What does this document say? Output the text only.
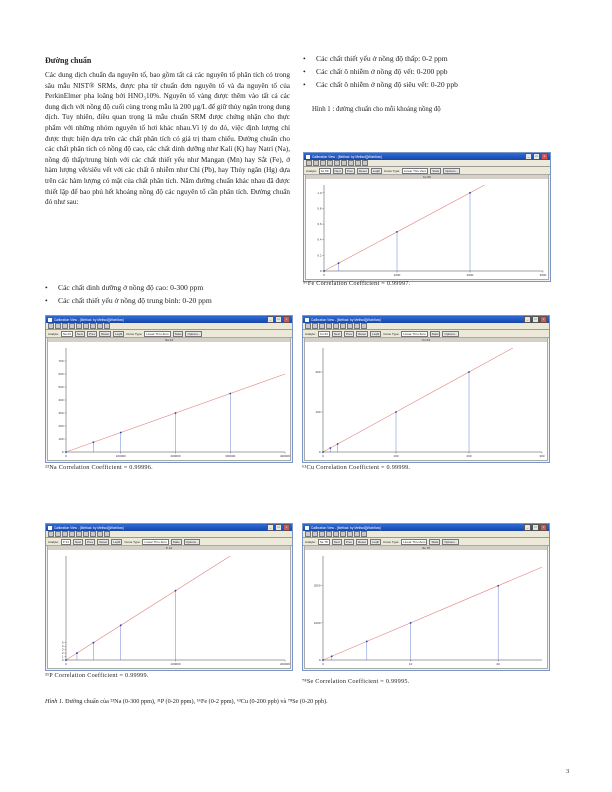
Đường chuẩn
Các dung dịch chuẩn đa nguyên tố, bao gồm tất cả các nguyên tố phân tích có trong sâu mẫu NIST® SRMs, được pha từ chuẩn đơn nguyên tố và đa nguyên tố của PerkinElmer pha loãng bởi HNO₃10%. Nguyên tố vàng được thêm vào tất cả các dung dịch với nồng độ cuối cùng trong mẫu là 200 µg/L để giữ thủy ngân trong dung dịch. Tuy nhiên, điều quan trọng là mẫu chuẩn SRM được chứng nhận cho thực phẩm với những nhóm nguyên tố hơi khác nhau.Vì lý do đó, việc định lượng chỉ được thực hiện dựa trên các chất phân tích có giá trị tham chiếu. Đường chuẩn cho các chất phân tích có nồng độ cao, các chất dinh dưỡng như Kali (K) hay Natri (Na), nồng độ thấp/trung bình với các chất thiết yếu như Mangan (Mn) hay Sắt (Fe), ở hàm lượng vết/siêu vết với các chất ô nhiễm như Chì (Pb), hay Thủy ngân (Hg) dựa trên các hàm lượng có mặt của chất phân tích. Năm đường chuẩn khác nhau đã được thiết lập để bao phủ hết khoảng nồng độ các nguyên tố cần phân tích. Đường chuẩn đó như sau:
• Các chất dinh dưỡng ở nồng độ cao: 0-300 ppm
• Các chất thiết yếu ở nồng độ trung bình: 0-20 ppm
• Các chất thiết yếu ở nồng độ thấp: 0-2 ppm
• Các chất ô nhiễm ở nồng độ vết: 0-200 ppb
• Các chất ô nhiễm ở nồng độ siêu vết: 0-20 ppb
Hình 1 : đường chuẩn cho mỗi khoảng nồng độ
Calibration View - [Method: by Method][Workflow]	_	□	×
Analyte:	Fe 56	Next	Prev	Reset	Lsqfit	Curve Type:	Linear Thru Zero	Stats	Options...
Fe 56
0	1000	2000	3000
0
0.2
0.4
0.6
0.8
1.0
Calibration View - [Method: by Method][Workflow]	_	□	×
Analyte:	Na 23	Next	Prev	Reset	Lsqfit	Curve Type:	Linear Thru Zero	Stats	Options...
Na 23
0	100000	200000	300000	400000
0
100
200
300
400
500
600
700
Calibration View - [Method: by Method][Workflow]	_	□	×
Analyte:	Cu 63	Next	Prev	Reset	Lsqfit	Curve Type:	Linear Thru Zero	Stats	Options...
Cu 63
0	100	200	300
0
100
200
Calibration View - [Method: by Method][Workflow]	_	□	×
Analyte:	P 31	Next	Prev	Reset	Lsqfit	Curve Type:	Linear Thru Zero	Stats	Options...
P 31
0	100000	200000
0
1
2
3
4
5
Calibration View - [Method: by Method][Workflow]	_	□	×
Analyte:	Se 78	Next	Prev	Reset	Lsqfit	Curve Type:	Linear Thru Zero	Stats	Options...
Se 78
0	10	20
0
1000
2000
⁵⁶Fe Correlation Coefficient = 0.99997.
²³Na Correlation Coefficient = 0.99996.	⁶³Cu Correlation Coefficient = 0.99999.
³¹P Correlation Coefficient = 0.99999.
⁷⁸Se Correlation Coefficient = 0.99995.
Hình 1. Đường chuẩn của ²³Na (0-300 ppm), ³¹P (0-20 ppm), ⁵⁶Fe (0-2 ppm), ⁶³Cu (0-200 ppb) và ⁷⁸Se (0-20 ppb).
3
